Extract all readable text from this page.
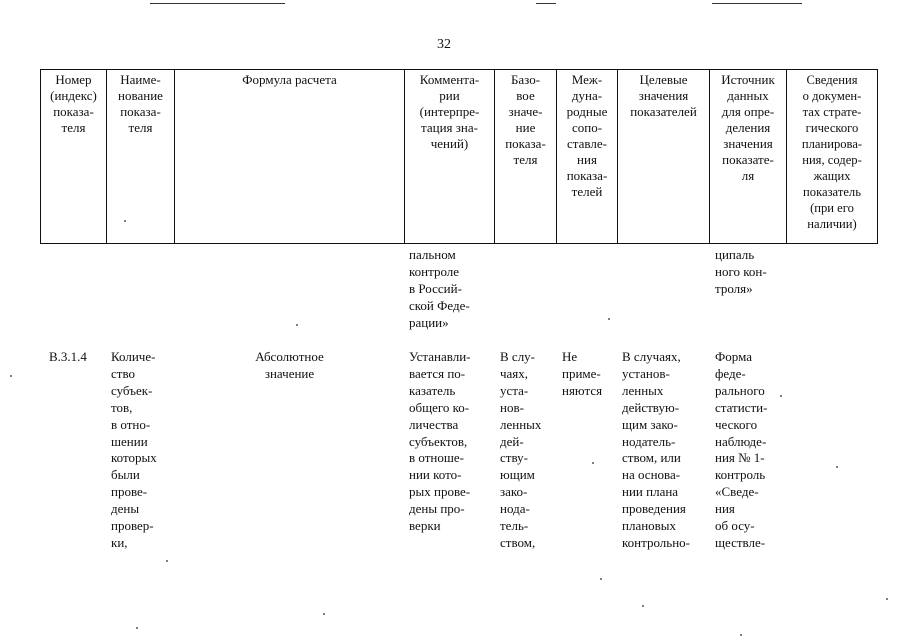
32
Номер
(индекс)
показа-
теля
Наиме-
нование
показа-
теля
Формула расчета	Коммента-
рии
(интерпре-
тация зна-
чений)
Базо-
вое
значе-
ние
показа-
теля
Меж-
дуна-
родные
сопо-
ставле-
ния
показа-
телей
Целевые
значения
показателей
Источник
данных
для опре-
деления
значения
показате-
ля
Сведения
о докумен-
тах страте-
гического
планирова-
ния, содер-
жащих
показатель
(при его
наличии)
пальном
контроле
в Россий-
ской Феде-
рации»
ципаль
ного кон-
троля»
В.3.1.4	Количе-
ство
субъек-
тов,
в отно-
шении
которых
были
прове-
дены
провер-
ки,
Абсолютное
значение
Устанавли-
вается по-
казатель
общего ко-
личества
субъектов,
в отноше-
нии кото-
рых прове-
дены про-
верки
В слу-
чаях,
уста-
нов-
ленных
дей-
ству-
ющим
зако-
нода-
тель-
ством,
Не
приме-
няются
В случаях,
установ-
ленных
действую-
щим зако-
нодатель-
ством, или
на основа-
нии плана
проведения
плановых
контрольно-
Форма
феде-
рального
статисти-
ческого
наблюде-
ния № 1-
контроль
«Сведе-
ния
об осу-
ществле-
